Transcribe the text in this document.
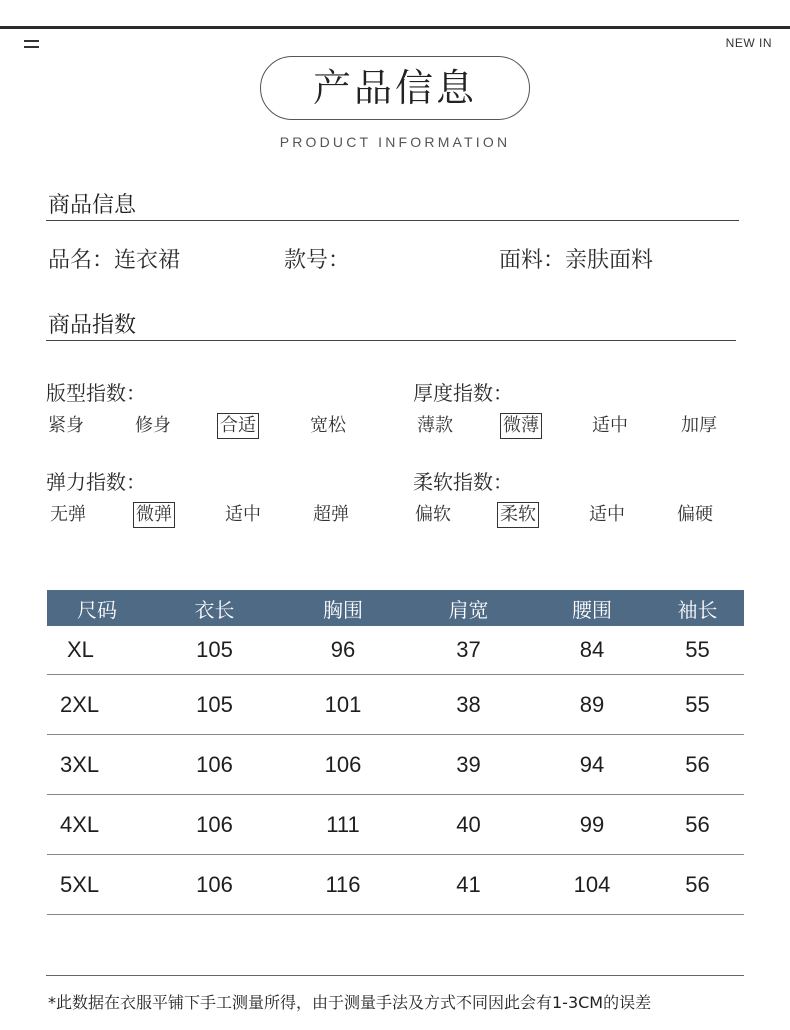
NEW IN
产品信息
PRODUCT INFORMATION
商品信息
品名：连衣裙	款号：	面料：亲肤面料
商品指数
版型指数：
紧身	修身	合适	宽松
厚度指数：
薄款	微薄	适中	加厚
弹力指数：
无弹	微弹	适中	超弹
柔软指数：
偏软	柔软	适中	偏硬
尺码	衣长	胸围	肩宽	腰围	袖长
XL	105	96	37	84	55
2XL	105	101	38	89	55
3XL	106	106	39	94	56
4XL	106	111	40	99	56
5XL	106	116	41	104	56
*此数据在衣服平铺下手工测量所得，由于测量手法及方式不同因此会有1-3CM的误差
